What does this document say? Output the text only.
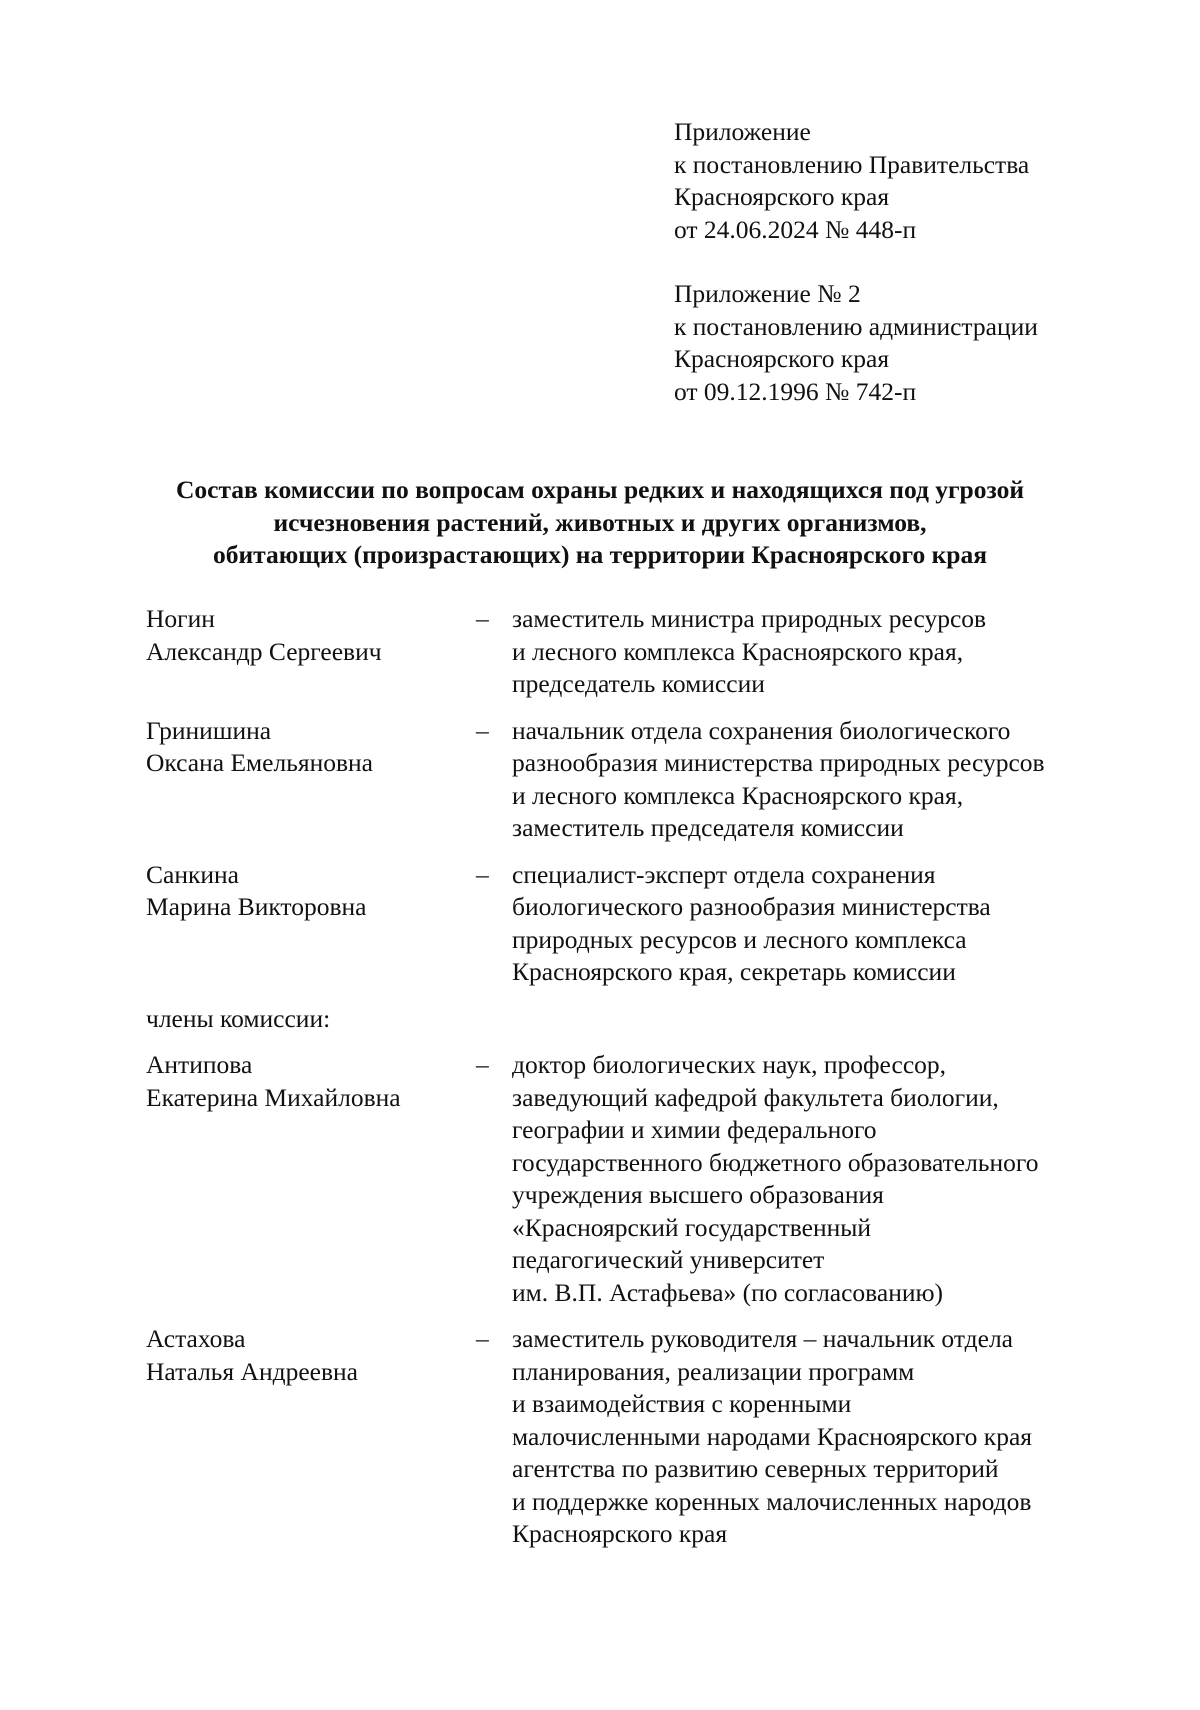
Приложение
к постановлению Правительства
Красноярского края
от 24.06.2024 № 448-п
Приложение № 2
к постановлению администрации
Красноярского края
от 09.12.1996 № 742-п
Состав комиссии по вопросам охраны редких и находящихся под угрозой
исчезновения растений, животных и других организмов,
обитающих (произрастающих) на территории Красноярского края
Ногин
Александр Сергеевич
– заместитель министра природных ресурсов
и лесного комплекса Красноярского края,
председатель комиссии
Гринишина
Оксана Емельяновна
– начальник отдела сохранения биологического
разнообразия министерства природных ресурсов
и лесного комплекса Красноярского края,
заместитель председателя комиссии
Санкина
Марина Викторовна
– специалист-эксперт отдела сохранения
биологического разнообразия министерства
природных ресурсов и лесного комплекса
Красноярского края, секретарь комиссии
члены комиссии:
Антипова
Екатерина Михайловна
– доктор биологических наук, профессор,
заведующий кафедрой факультета биологии,
географии и химии федерального
государственного бюджетного образовательного
учреждения высшего образования
«Красноярский государственный
педагогический университет
им. В.П. Астафьева» (по согласованию)
Астахова
Наталья Андреевна
– заместитель руководителя – начальник отдела
планирования, реализации программ
и взаимодействия с коренными
малочисленными народами Красноярского края
агентства по развитию северных территорий
и поддержке коренных малочисленных народов
Красноярского края
